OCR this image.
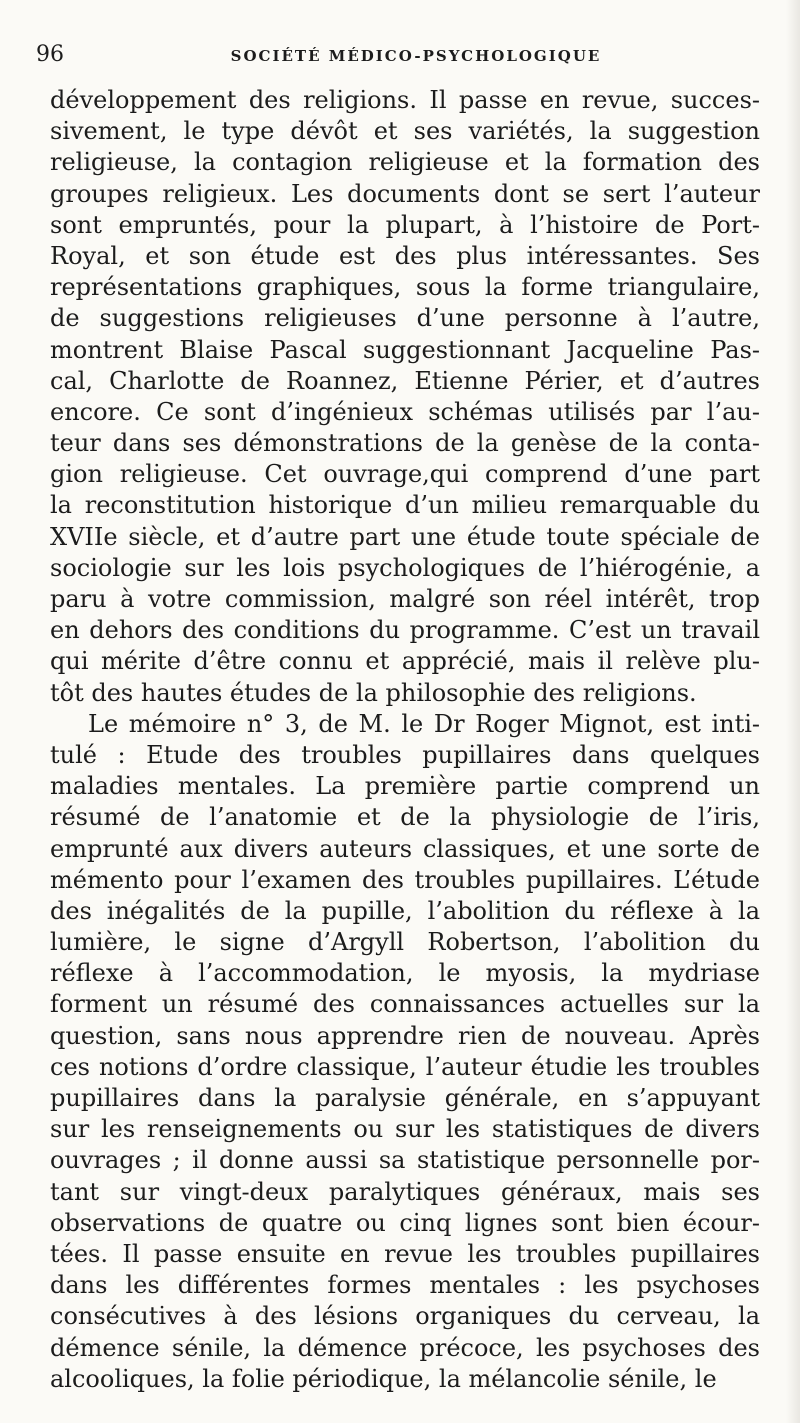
96	SOCIÉTÉ MÉDICO-PSYCHOLOGIQUE
développement des religions. Il passe en revue, succes-
sivement, le type dévôt et ses variétés, la suggestion
religieuse, la contagion religieuse et la formation des
groupes religieux. Les documents dont se sert l’auteur
sont empruntés, pour la plupart, à l’histoire de Port-
Royal, et son étude est des plus intéressantes. Ses
représentations graphiques, sous la forme triangulaire,
de suggestions religieuses d’une personne à l’autre,
montrent Blaise Pascal suggestionnant Jacqueline Pas-
cal, Charlotte de Roannez, Etienne Périer, et d’autres
encore. Ce sont d’ingénieux schémas utilisés par l’au-
teur dans ses démonstrations de la genèse de la conta-
gion religieuse. Cet ouvrage,qui comprend d’une part
la reconstitution historique d’un milieu remarquable du
XVIIe siècle, et d’autre part une étude toute spéciale de
sociologie sur les lois psychologiques de l’hiérogénie, a
paru à votre commission, malgré son réel intérêt, trop
en dehors des conditions du programme. C’est un travail
qui mérite d’être connu et apprécié, mais il relève plu-
tôt des hautes études de la philosophie des religions.
Le mémoire n° 3, de M. le Dr Roger Mignot, est inti-
tulé : Etude des troubles pupillaires dans quelques
maladies mentales. La première partie comprend un
résumé de l’anatomie et de la physiologie de l’iris,
emprunté aux divers auteurs classiques, et une sorte de
mémento pour l’examen des troubles pupillaires. L’étude
des inégalités de la pupille, l’abolition du réflexe à la
lumière, le signe d’Argyll Robertson, l’abolition du
réflexe à l’accommodation, le myosis, la mydriase
forment un résumé des connaissances actuelles sur la
question, sans nous apprendre rien de nouveau. Après
ces notions d’ordre classique, l’auteur étudie les troubles
pupillaires dans la paralysie générale, en s’appuyant
sur les renseignements ou sur les statistiques de divers
ouvrages ; il donne aussi sa statistique personnelle por-
tant sur vingt-deux paralytiques généraux, mais ses
observations de quatre ou cinq lignes sont bien écour-
tées. Il passe ensuite en revue les troubles pupillaires
dans les différentes formes mentales : les psychoses
consécutives à des lésions organiques du cerveau, la
démence sénile, la démence précoce, les psychoses des
alcooliques, la folie périodique, la mélancolie sénile, le
